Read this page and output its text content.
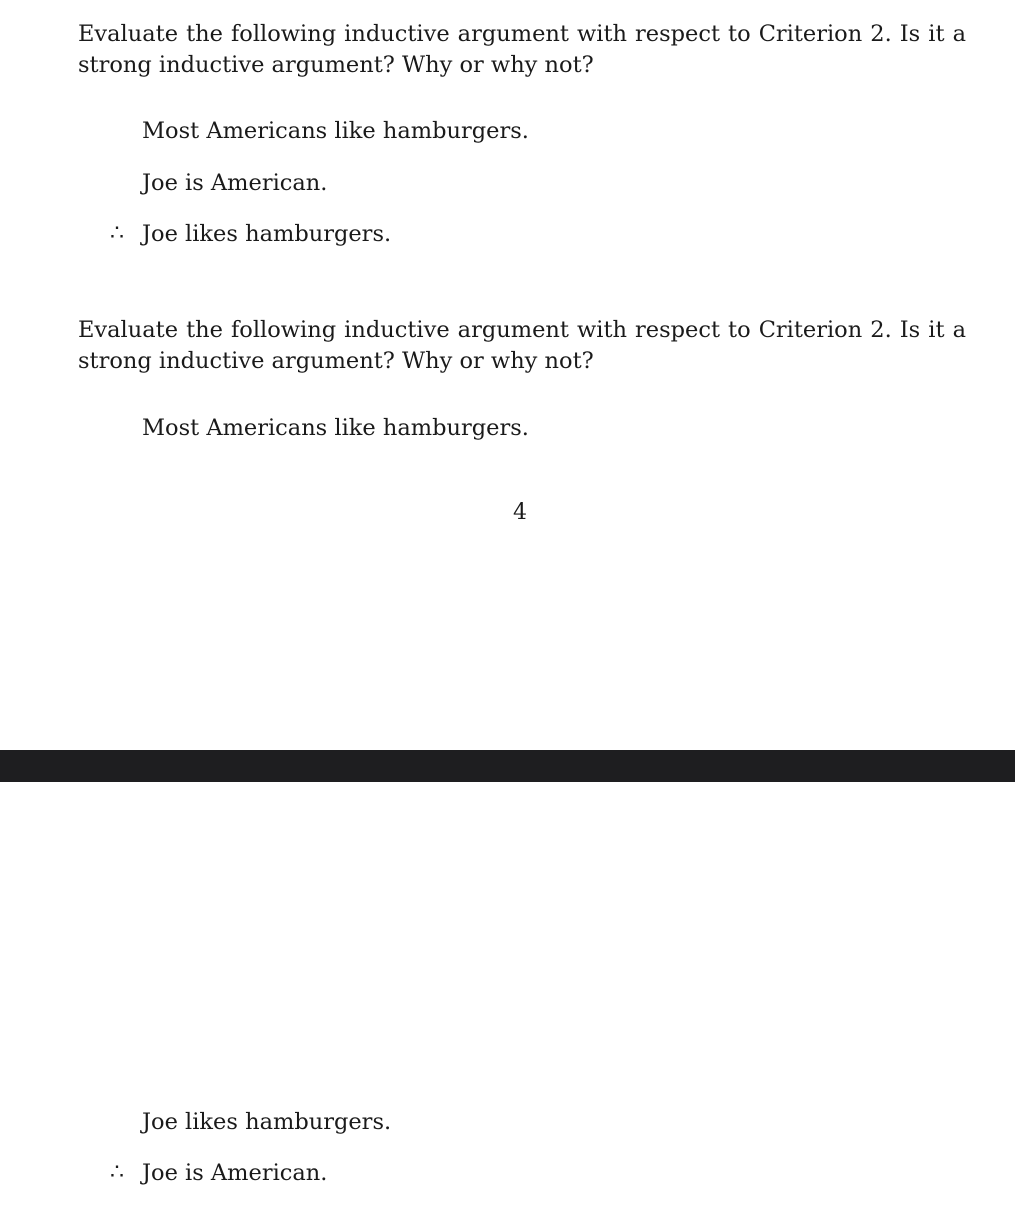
Evaluate the following inductive argument with respect to Criterion 2. Is it a strong inductive argument? Why or why not?

Most Americans like hamburgers.

Joe is American.

∴ Joe likes hamburgers.

Evaluate the following inductive argument with respect to Criterion 2. Is it a strong inductive argument? Why or why not?

Most Americans like hamburgers.

4

Joe likes hamburgers.

∴ Joe is American.
